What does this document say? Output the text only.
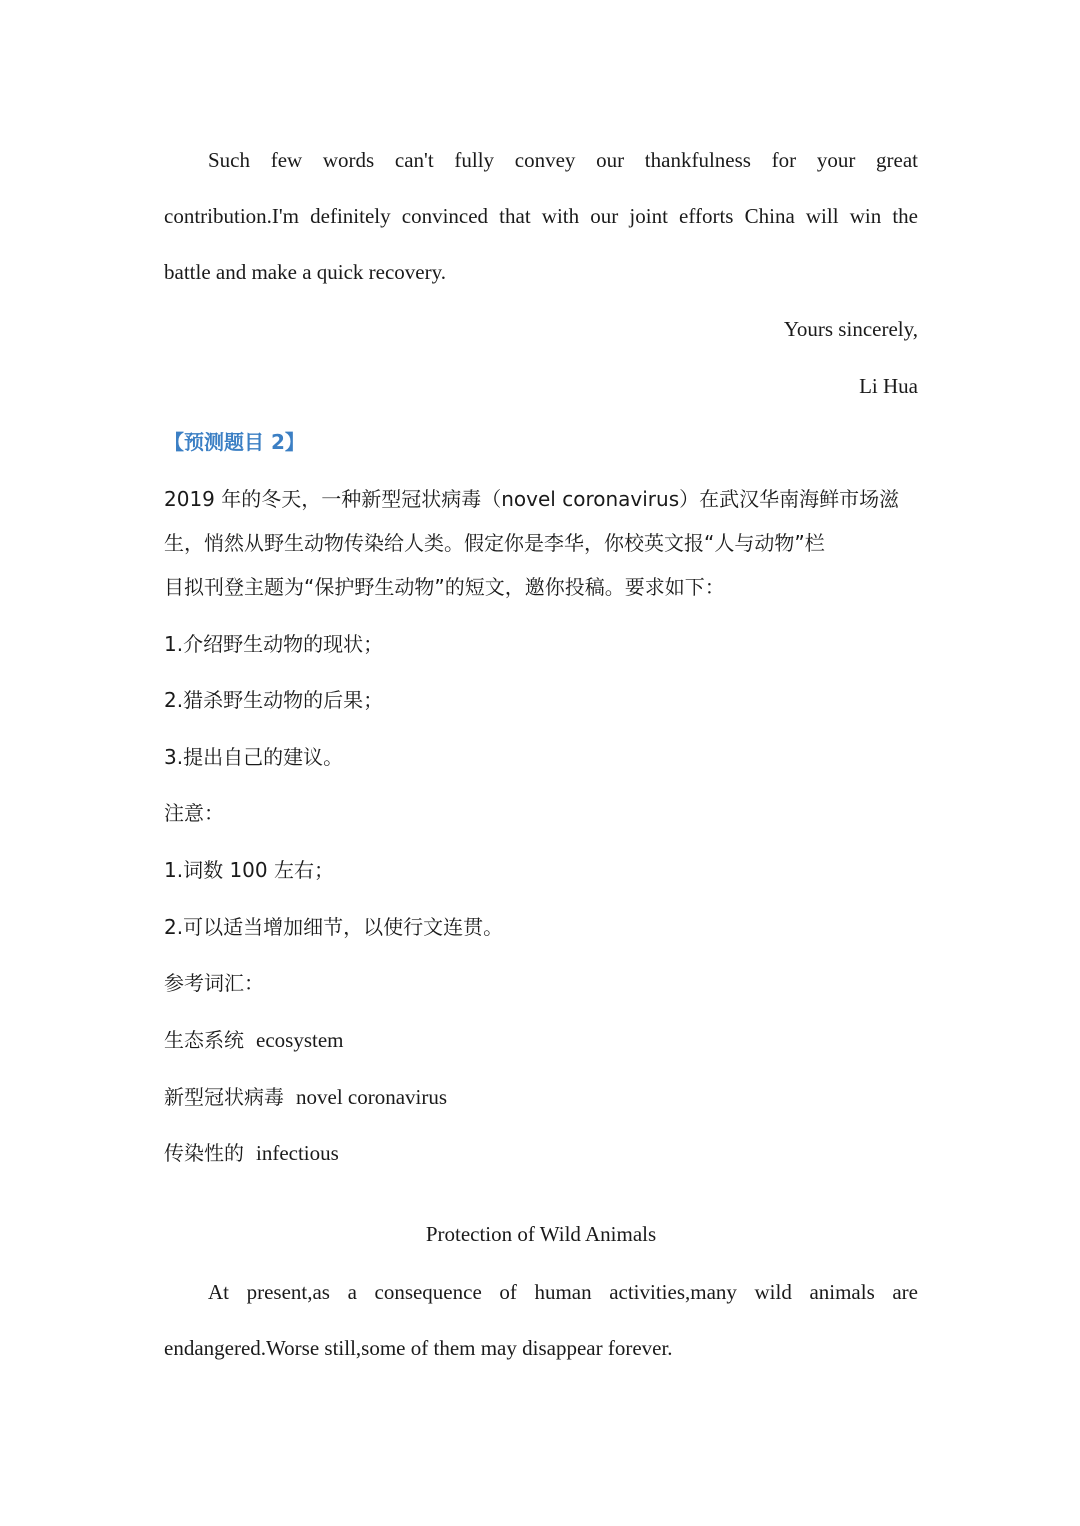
Such few words can't fully convey our thankfulness for your great
contribution.I'm definitely convinced that with our joint efforts China will win the
battle and make a quick recovery.
Yours sincerely,
Li Hua
【预测题目 2】
2019 年的冬天，一种新型冠状病毒（novel coronavirus）在武汉华南海鲜市场滋
生，悄然从野生动物传染给人类。假定你是李华，你校英文报“人与动物”栏
目拟刊登主题为“保护野生动物”的短文，邀你投稿。要求如下：
1.介绍野生动物的现状；
2.猎杀野生动物的后果；
3.提出自己的建议。
注意：
1.词数 100 左右；
2.可以适当增加细节，以使行文连贯。
参考词汇：
生态系统 ecosystem
新型冠状病毒 novel coronavirus
传染性的 infectious
Protection of Wild Animals
At present,as a consequence of human activities,many wild animals are
endangered.Worse still,some of them may disappear forever.
